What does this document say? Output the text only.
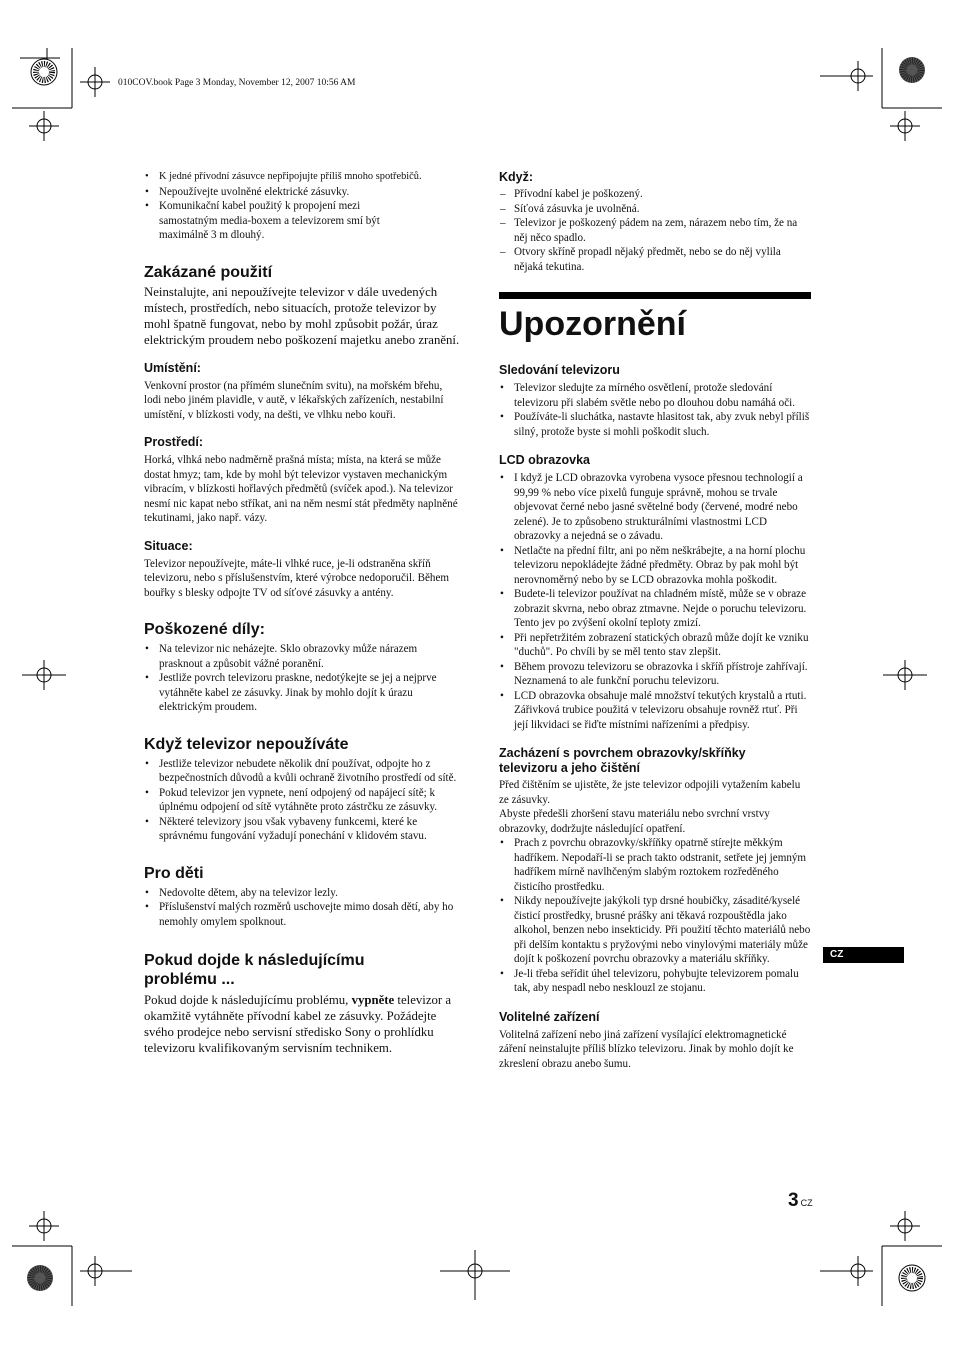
010COV.book Page 3 Monday, November 12, 2007 10:56 AM
• K jedné přívodní zásuvce nepřipojujte příliš mnoho spotřebičů.
• Nepoužívejte uvolněné elektrické zásuvky.
• Komunikační kabel použitý k propojení mezi samostatným media-boxem a televizorem smí být maximálně 3 m dlouhý.
Zakázané použití

Neinstalujte, ani nepoužívejte televizor v dále uvedených místech, prostředích, nebo situacích, protože televizor by mohl špatně fungovat, nebo by mohl způsobit požár, úraz elektrickým proudem nebo poškození majetku anebo zranění.

Umístění:

Venkovní prostor (na přímém slunečním svitu), na mořském břehu, lodi nebo jiném plavidle, v autě, v lékařských zařízeních, nestabilní umístění, v blízkosti vody, na dešti, ve vlhku nebo kouři.

Prostředí:

Horká, vlhká nebo nadměrně prašná místa; místa, na která se může dostat hmyz; tam, kde by mohl být televizor vystaven mechanickým vibracím, v blízkosti hořlavých předmětů (svíček apod.). Na televizor nesmí nic kapat nebo stříkat, ani na něm nesmí stát předměty naplněné tekutinami, jako např. vázy.

Situace:

Televizor nepoužívejte, máte-li vlhké ruce, je-li odstraněna skříň televizoru, nebo s příslušenstvím, které výrobce nedoporučil. Během bouřky s blesky odpojte TV od síťové zásuvky a antény.

Poškozené díly:
• Na televizor nic neházejte. Sklo obrazovky může nárazem prasknout a způsobit vážné poranění.
• Jestliže povrch televizoru praskne, nedotýkejte se jej a nejprve vytáhněte kabel ze zásuvky. Jinak by mohlo dojít k úrazu elektrickým proudem.
Když televizor nepoužíváte
• Jestliže televizor nebudete několik dní používat, odpojte ho z bezpečnostních důvodů a kvůli ochraně životního prostředí od sítě.
• Pokud televizor jen vypnete, není odpojený od napájecí sítě; k úplnému odpojení od sítě vytáhněte proto zástrčku ze zásuvky.
• Některé televizory jsou však vybaveny funkcemi, které ke správnému fungování vyžadují ponechání v klidovém stavu.
Pro děti
• Nedovolte dětem, aby na televizor lezly.
• Příslušenství malých rozměrů uschovejte mimo dosah dětí, aby ho nemohly omylem spolknout.
Pokud dojde k následujícímu problému ...

Pokud dojde k následujícímu problému, vypněte televizor a okamžitě vytáhněte přívodní kabel ze zásuvky. Požádejte svého prodejce nebo servisní středisko Sony o prohlídku televizoru kvalifikovaným servisním technikem.

Když:
– Přívodní kabel je poškozený.
– Síťová zásuvka je uvolněná.
– Televizor je poškozený pádem na zem, nárazem nebo tím, že na něj něco spadlo.
– Otvory skříně propadl nějaký předmět, nebo se do něj vylila nějaká tekutina.
Upozornění
Sledování televizoru
• Televizor sledujte za mírného osvětlení, protože sledování televizoru při slabém světle nebo po dlouhou dobu namáhá oči.
• Používáte-li sluchátka, nastavte hlasitost tak, aby zvuk nebyl příliš silný, protože byste si mohli poškodit sluch.
LCD obrazovka
• I když je LCD obrazovka vyrobena vysoce přesnou technologií a 99,99 % nebo více pixelů funguje správně, mohou se trvale objevovat černé nebo jasné světelné body (červené, modré nebo zelené). Je to způsobeno strukturálními vlastnostmi LCD obrazovky a nejedná se o závadu.
• Netlačte na přední filtr, ani po něm neškrábejte, a na horní plochu televizoru nepokládejte žádné předměty. Obraz by pak mohl být nerovnoměrný nebo by se LCD obrazovka mohla poškodit.
• Budete-li televizor používat na chladném místě, může se v obraze zobrazit skvrna, nebo obraz ztmavne. Nejde o poruchu televizoru. Tento jev po zvýšení okolní teploty zmizí.
• Při nepřetržitém zobrazení statických obrazů může dojít ke vzniku "duchů". Po chvíli by se měl tento stav zlepšit.
• Během provozu televizoru se obrazovka i skříň přístroje zahřívají. Neznamená to ale funkční poruchu televizoru.
• LCD obrazovka obsahuje malé množství tekutých krystalů a rtuti. Zářivková trubice použitá v televizoru obsahuje rovněž rtuť. Při její likvidaci se řiďte místními nařízeními a předpisy.
Zacházení s povrchem obrazovky/skříňky televizoru a jeho čištění

Před čištěním se ujistěte, že jste televizor odpojili vytažením kabelu ze zásuvky.

Abyste předešli zhoršení stavu materiálu nebo svrchní vrstvy obrazovky, dodržujte následující opatření.

• Prach z povrchu obrazovky/skříňky opatrně stírejte měkkým hadříkem. Nepodaří-li se prach takto odstranit, setřete jej jemným hadříkem mírně navlhčeným slabým roztokem rozředěného čisticího prostředku.
• Nikdy nepoužívejte jakýkoli typ drsné houbičky, zásadité/kyselé čisticí prostředky, brusné prášky ani těkavá rozpouštědla jako alkohol, benzen nebo insekticidy. Při použití těchto materiálů nebo při delším kontaktu s pryžovými nebo vinylovými materiály může dojít k poškození povrchu obrazovky a materiálu skříňky.
• Je-li třeba seřídit úhel televizoru, pohybujte televizorem pomalu tak, aby nespadl nebo nesklouzl ze stojanu.
Volitelné zařízení

Volitelná zařízení nebo jiná zařízení vysílající elektromagnetické záření neinstalujte příliš blízko televizoru. Jinak by mohlo dojít ke zkreslení obrazu anebo šumu.

CZ
3 CZ
